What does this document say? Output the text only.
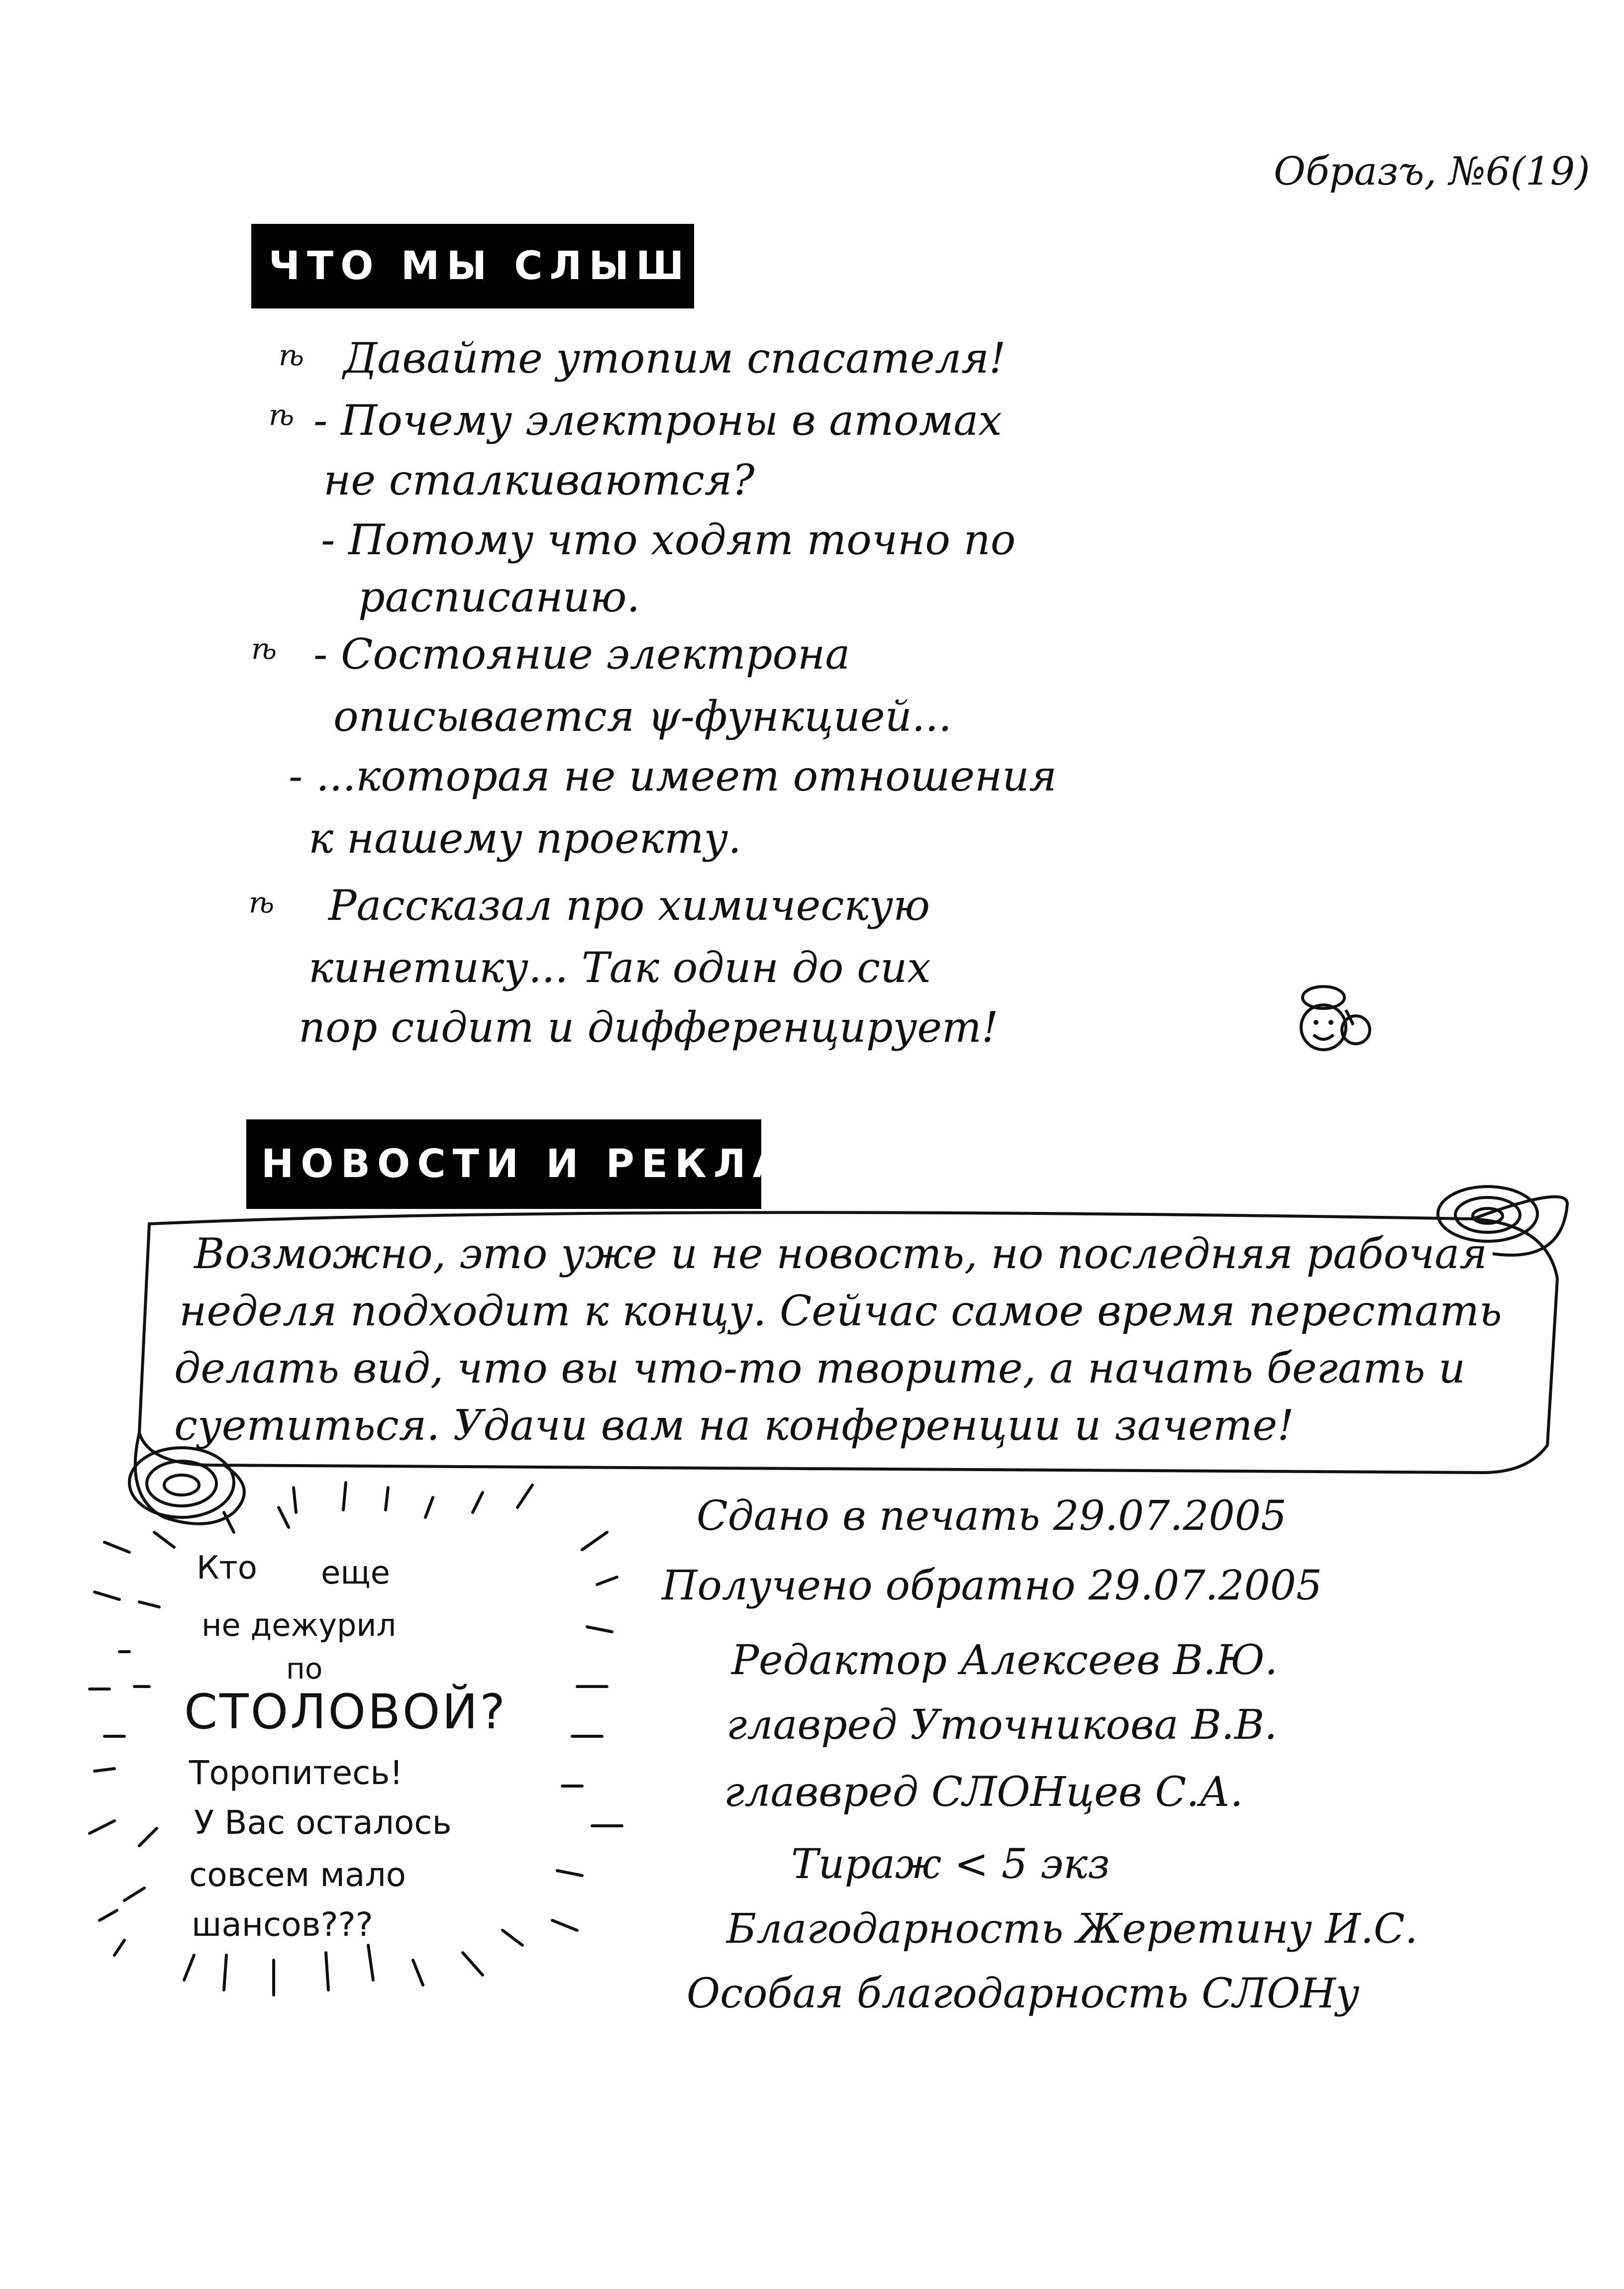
Образъ, №6(19)
ЧТО МЫ СЛЫШИМ
ѣ Давайте утопим спасателя!
ѣ - Почему электроны в атомах
не сталкиваются?
- Потому что ходят точно по
расписанию.
ѣ - Состояние электрона
описывается ψ-функцией...
- ...которая не имеет отношения
к нашему проекту.
ѣ Рассказал про химическую
кинетику... Так один до сих
пор сидит и дифференцирует!
НОВОСТИ И РЕКЛАМА
Возможно, это уже и не новость, но последняя рабочая
неделя подходит к концу. Сейчас самое время перестать
делать вид, что вы что-то творите, а начать бегать и
суетиться. Удачи вам на конференции и зачете!
Кто еще
не дежурил
по
СТОЛОВОЙ?
Торопитесь!
У Вас осталось
совсем мало
шансов???
Сдано в печать 29.07.2005
Получено обратно 29.07.2005
Редактор Алексеев В.Ю.
главред Уточникова В.В.
главвред СЛОНцев С.А.
Тираж < 5 экз
Благодарность Жеретину И.С.
Особая благодарность СЛОНу
